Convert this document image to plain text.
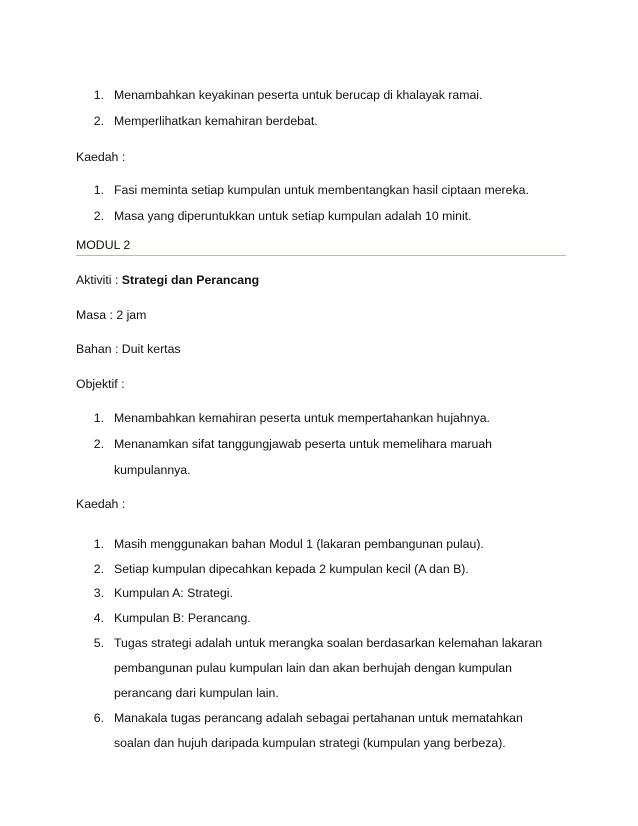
1. Menambahkan keyakinan peserta untuk berucap di khalayak ramai.
2. Memperlihatkan kemahiran berdebat.
Kaedah :
1. Fasi meminta setiap kumpulan untuk membentangkan hasil ciptaan mereka.
2. Masa yang diperuntukkan untuk setiap kumpulan adalah 10 minit.
MODUL 2
Aktiviti : Strategi dan Perancang
Masa : 2 jam
Bahan : Duit kertas
Objektif :
1. Menambahkan kemahiran peserta untuk mempertahankan hujahnya.
2. Menanamkan sifat tanggungjawab peserta untuk memelihara maruah
kumpulannya.
Kaedah :
1. Masih menggunakan bahan Modul 1 (lakaran pembangunan pulau).
2. Setiap kumpulan dipecahkan kepada 2 kumpulan kecil (A dan B).
3. Kumpulan A: Strategi.
4. Kumpulan B: Perancang.
5. Tugas strategi adalah untuk merangka soalan berdasarkan kelemahan lakaran
pembangunan pulau kumpulan lain dan akan berhujah dengan kumpulan
perancang dari kumpulan lain.
6. Manakala tugas perancang adalah sebagai pertahanan untuk mematahkan
soalan dan hujuh daripada kumpulan strategi (kumpulan yang berbeza).
